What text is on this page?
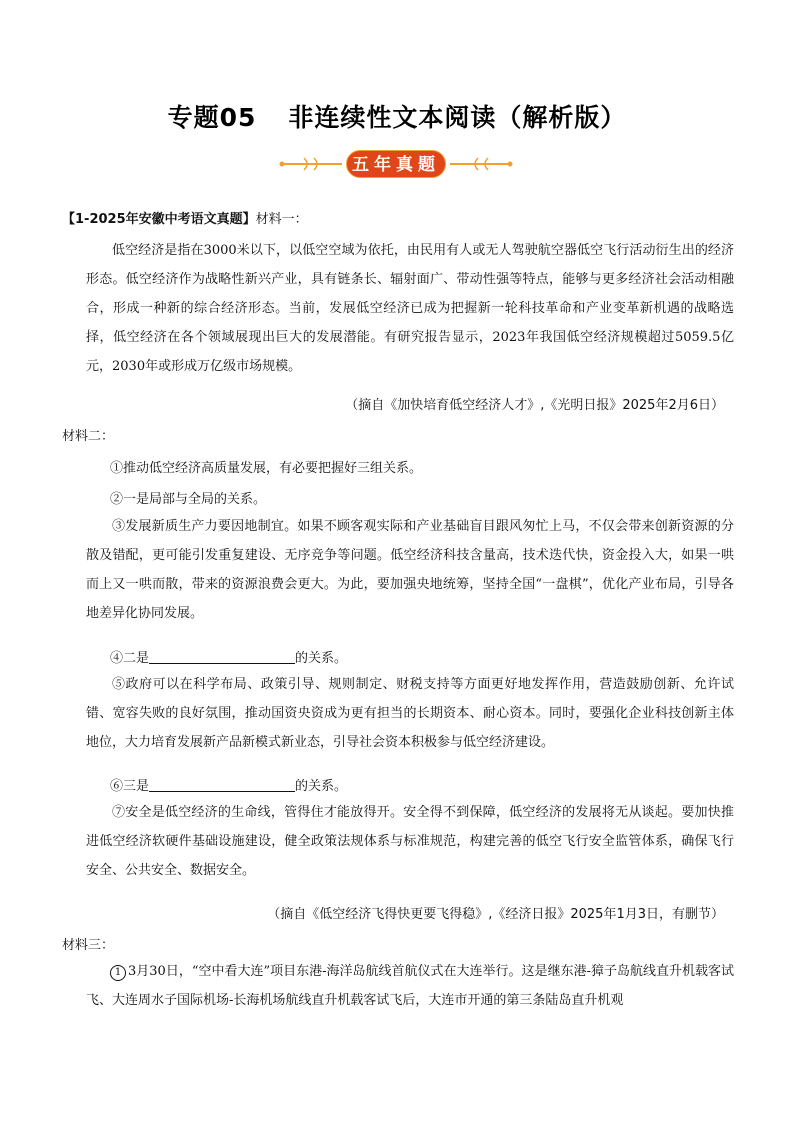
专题05 非连续性文本阅读（解析版）
五年真题
【1-2025年安徽中考语文真题】材料一：

低空经济是指在3000米以下，以低空空域为依托，由民用有人或无人驾驶航空器低空飞行活动衍生出的经济形态。低空经济作为战略性新兴产业，具有链条长、辐射面广、带动性强等特点，能够与更多经济社会活动相融合，形成一种新的综合经济形态。当前，发展低空经济已成为把握新一轮科技革命和产业变革新机遇的战略选择，低空经济在各个领域展现出巨大的发展潜能。有研究报告显示，2023年我国低空经济规模超过5059.5亿元，2030年或形成万亿级市场规模。

（摘自《加快培育低空经济人才》,《光明日报》2025年2月6日）
材料二：
①推动低空经济高质量发展，有必要把握好三组关系。
②一是局部与全局的关系。

③发展新质生产力要因地制宜。如果不顾客观实际和产业基础盲目跟风匆忙上马，不仅会带来创新资源的分散及错配，更可能引发重复建设、无序竞争等问题。低空经济科技含量高，技术迭代快，资金投入大，如果一哄而上又一哄而散，带来的资源浪费会更大。为此，要加强央地统筹，坚持全国“一盘棋”，优化产业布局，引导各地差异化协同发展。

④二是	的关系。

⑤政府可以在科学布局、政策引导、规则制定、财税支持等方面更好地发挥作用，营造鼓励创新、允许试错、宽容失败的良好氛围，推动国资央资成为更有担当的长期资本、耐心资本。同时，要强化企业科技创新主体地位，大力培育发展新产品新模式新业态，引导社会资本积极参与低空经济建设。

⑥三是	的关系。

⑦安全是低空经济的生命线，管得住才能放得开。安全得不到保障，低空经济的发展将无从谈起。要加快推进低空经济软硬件基础设施建设，健全政策法规体系与标准规范，构建完善的低空飞行安全监管体系，确保飞行安全、公共安全、数据安全。

（摘自《低空经济飞得快更要飞得稳》,《经济日报》2025年1月3日，有删节）
材料三：

1 3月30日，“空中看大连”项目东港-海洋岛航线首航仪式在大连举行。这是继东港-獐子岛航线直升机载客试飞、大连周水子国际机场-长海机场航线直升机载客试飞后，大连市开通的第三条陆岛直升机观
